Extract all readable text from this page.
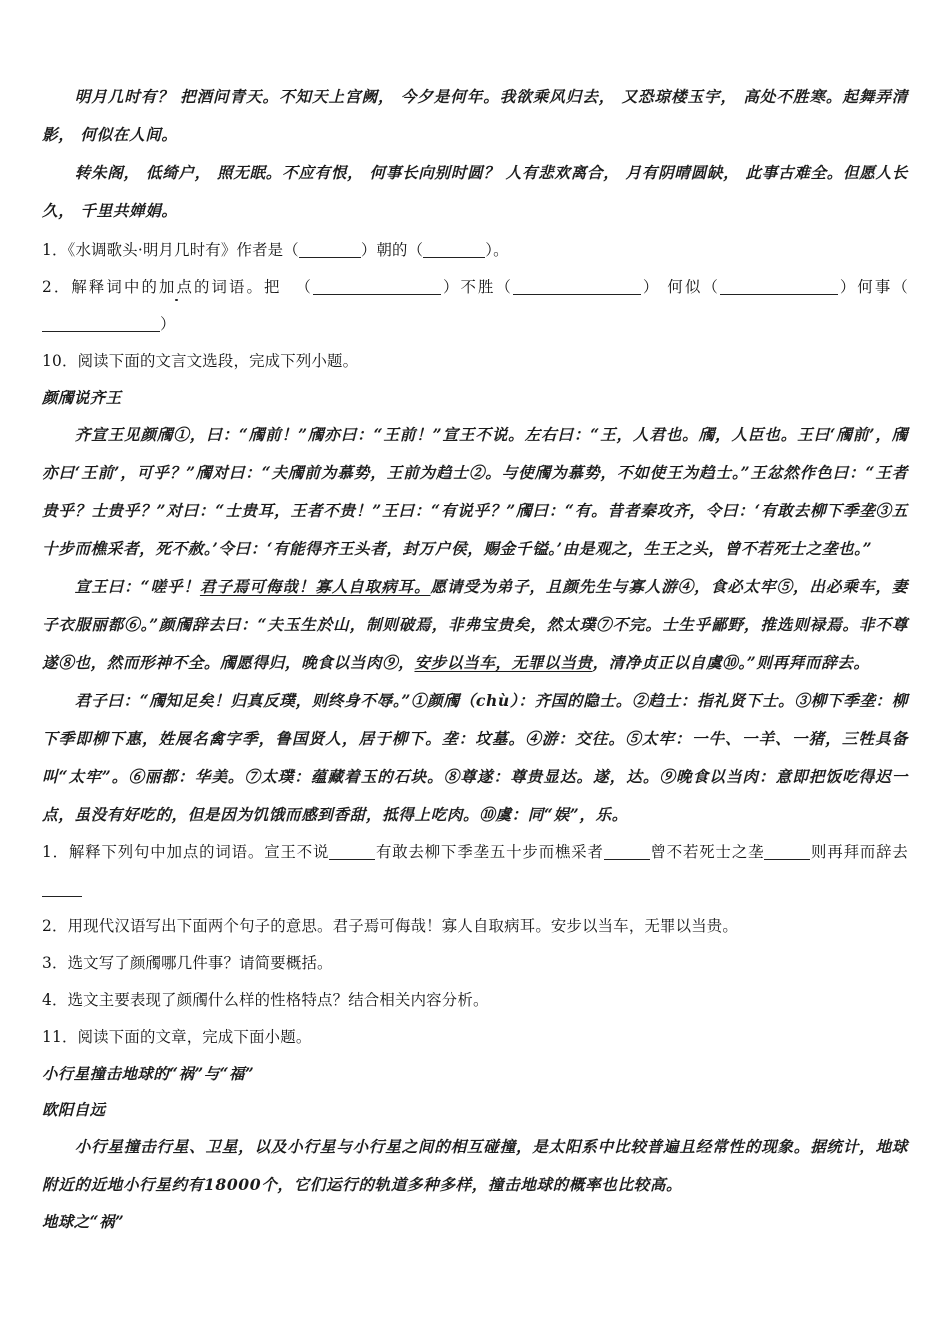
明月几时有？ 把酒问青天。不知天上宫阙， 今夕是何年。我欲乘风归去， 又恐琼楼玉宇， 高处不胜寒。起舞弄清影， 何似在人间。
转朱阁， 低绮户， 照无眠。不应有恨， 何事长向别时圆？ 人有悲欢离合， 月有阴晴圆缺， 此事古难全。但愿人长久， 千里共婵娟。
1．《水调歌头·明月几时有》作者是（	）朝的（	）。
2．解释词中的加点的词语。把  （	）不胜（	） 何似（	）何事（）
10．阅读下面的文言文选段，完成下列小题。
颜斶说齐王
齐宣王见颜斶①，曰：“斶前！”斶亦曰：“王前！”宣王不说。左右曰：“王，人君也。斶，人臣也。王曰‘斶前’，斶亦曰‘王前’，可乎？”斶对曰：“夫斶前为慕势，王前为趋士②。与使斶为慕势，不如使王为趋士。”王忿然作色曰：“王者贵乎？士贵乎？”对曰：“士贵耳，王者不贵！”王曰：“有说乎？”斶曰：“有。昔者秦攻齐，令曰：‘有敢去柳下季垄③五十步而樵采者，死不赦。’令曰：‘有能得齐王头者，封万户侯，赐金千镒。’由是观之，生王之头，曾不若死士之垄也。”
宣王曰：“嗟乎！君子焉可侮哉！寡人自取病耳。愿请受为弟子，且颜先生与寡人游④，食必太牢⑤，出必乘车，妻子衣服丽都⑥。”颜斶辞去曰：“夫玉生於山，制则破焉，非弗宝贵矣，然太璞⑦不完。士生乎鄙野，推选则禄焉。非不尊遂⑧也，然而形神不全。斶愿得归，晚食以当肉⑨，安步以当车，无罪以当贵，清净贞正以自虞⑩。”则再拜而辞去。
君子曰：“斶知足矣！归真反璞，则终身不辱。”①颜斶（chù）：齐国的隐士。②趋士：指礼贤下士。③柳下季垄：柳下季即柳下惠，姓展名禽字季，鲁国贤人，居于柳下。垄：坟墓。④游：交往。⑤太牢：一牛、一羊、一猪，三牲具备叫“太牢”。⑥丽都：华美。⑦太璞：蕴藏着玉的石块。⑧尊遂：尊贵显达。遂，达。⑨晚食以当肉：意即把饭吃得迟一点，虽没有好吃的，但是因为饥饿而感到香甜，抵得上吃肉。⑩虞：同“娱”，乐。
1．解释下列句中加点的词语。宣王不说	有敢去柳下季垄五十步而樵采者	曾不若死士之垄	则再拜而辞去
2．用现代汉语写出下面两个句子的意思。君子焉可侮哉！寡人自取病耳。安步以当车，无罪以当贵。
3．选文写了颜斶哪几件事？请简要概括。
4．选文主要表现了颜斶什么样的性格特点？结合相关内容分析。
11．阅读下面的文章，完成下面小题。
小行星撞击地球的“祸”与“福”
欧阳自远
小行星撞击行星、卫星，以及小行星与小行星之间的相互碰撞，是太阳系中比较普遍且经常性的现象。据统计，地球附近的近地小行星约有18000个，它们运行的轨道多种多样，撞击地球的概率也比较高。
地球之“祸”
